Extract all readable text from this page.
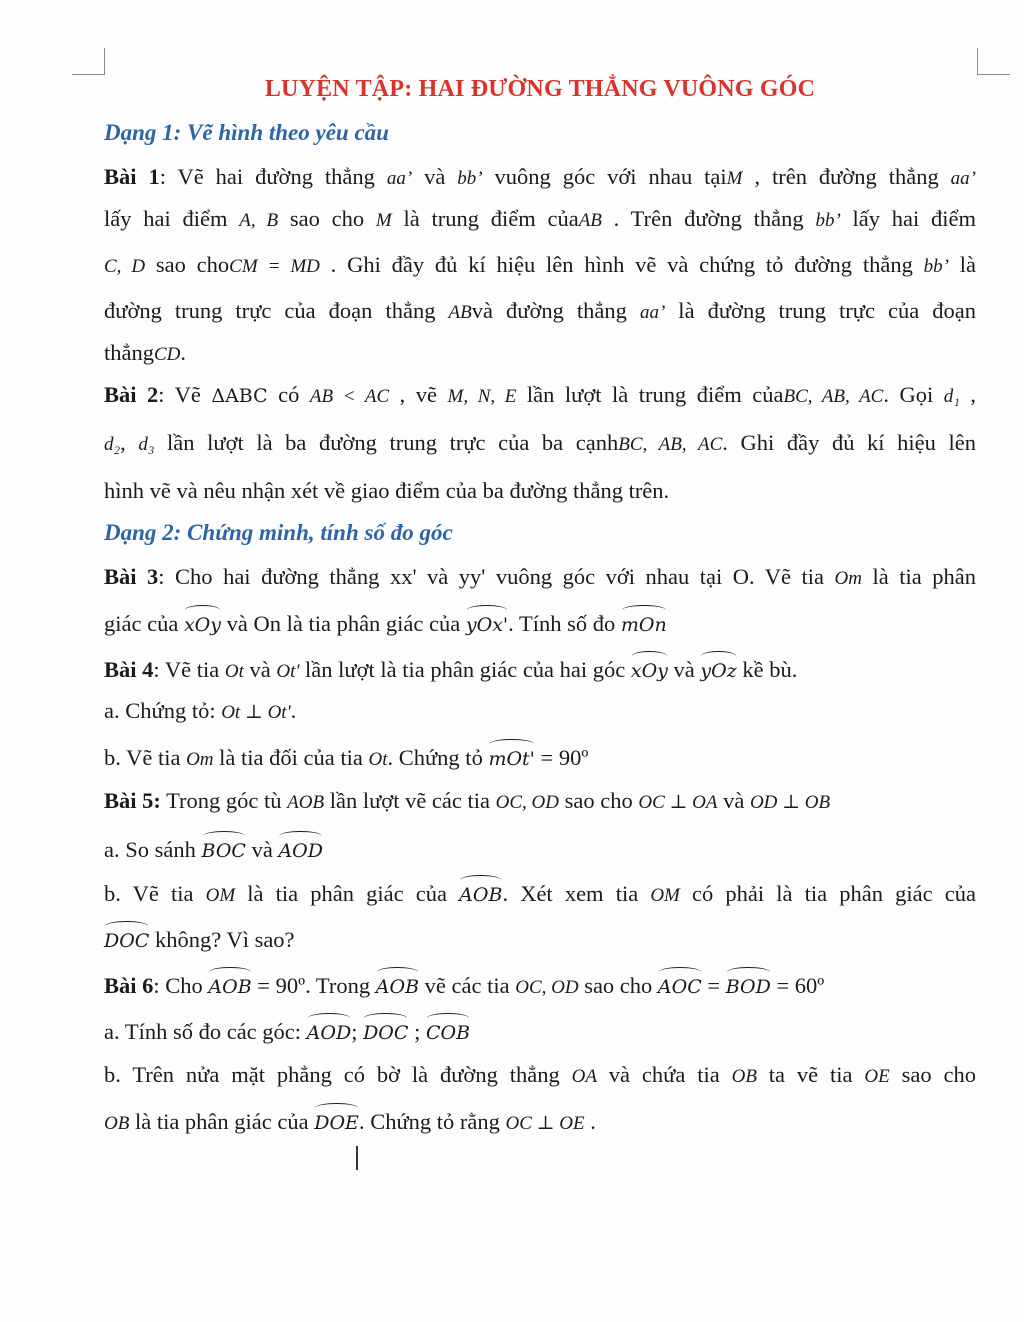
LUYỆN TẬP: HAI ĐƯỜNG THẲNG VUÔNG GÓC
Dạng 1: Vẽ hình theo yêu cầu
Bài 1: Vẽ hai đường thẳng aa’ và bb’ vuông góc với nhau tạiM , trên đường thẳng aa’
lấy hai điểm A, B sao cho M là trung điểm củaAB . Trên đường thẳng bb’ lấy hai điểm
C, D sao choCM = MD . Ghi đầy đủ kí hiệu lên hình vẽ và chứng tỏ đường thẳng bb’ là
đường trung trực của đoạn thẳng ABvà đường thẳng aa’ là đường trung trực của đoạn
thẳngCD.
Bài 2: Vẽ ΔABC có AB < AC , vẽ M, N, E lần lượt là trung điểm củaBC, AB, AC. Gọi d₁ ,
d₂, d₃ lần lượt là ba đường trung trực của ba cạnhBC, AB, AC. Ghi đầy đủ kí hiệu lên
hình vẽ và nêu nhận xét về giao điểm của ba đường thẳng trên.
Dạng 2: Chứng minh, tính số đo góc
Bài 3: Cho hai đường thẳng xx' và yy' vuông góc với nhau tại O. Vẽ tia Om là tia phân
giác của xOy và On là tia phân giác của yOx'. Tính số đo mOn
Bài 4: Vẽ tia Ot và Ot' lần lượt là tia phân giác của hai góc xOy và yOz kề bù.
a. Chứng tỏ: Ot ⊥ Ot'.
b. Vẽ tia Om là tia đối của tia Ot. Chứng tỏ mOt' = 90º
Bài 5: Trong góc tù AOB lần lượt vẽ các tia OC, OD sao cho OC ⊥ OA và OD ⊥ OB
a. So sánh BOC và AOD
b. Vẽ tia OM là tia phân giác của AOB. Xét xem tia OM có phải là tia phân giác của
DOC không? Vì sao?
Bài 6: Cho AOB = 90º. Trong AOB vẽ các tia OC, OD sao cho AOC = BOD = 60º
a. Tính số đo các góc: AOD; DOC ; COB
b. Trên nửa mặt phẳng có bờ là đường thẳng OA và chứa tia OB ta vẽ tia OE sao cho
OB là tia phân giác của DOE. Chứng tỏ rằng OC ⊥ OE .
